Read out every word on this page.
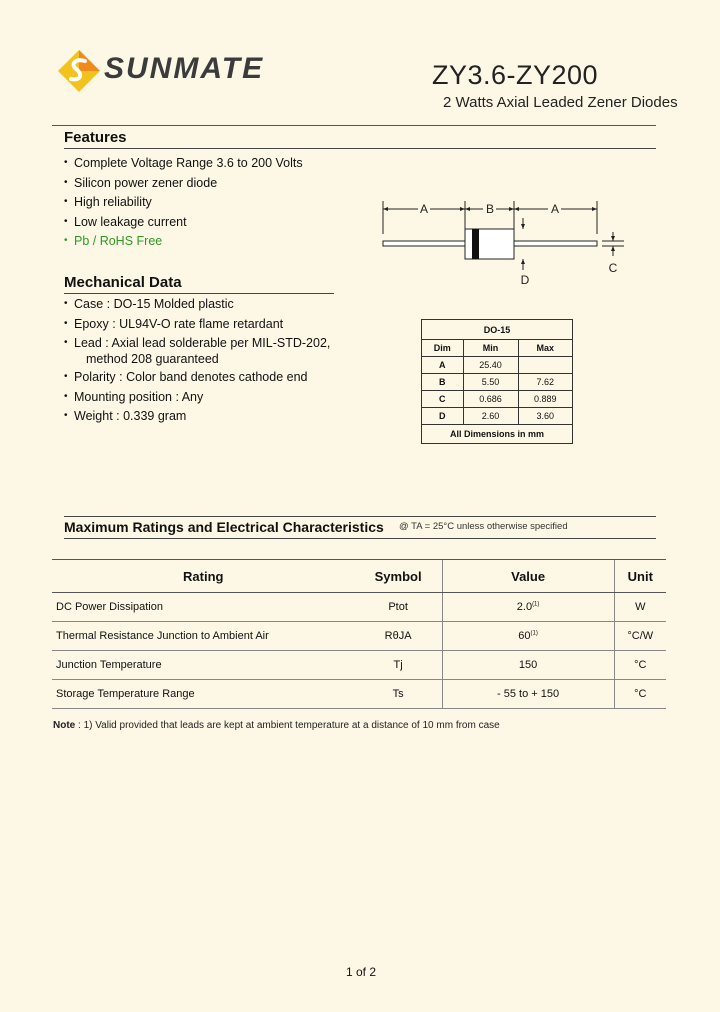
SUNMATE	ZY3.6-ZY200
2 Watts Axial Leaded Zener Diodes
Features
• Complete Voltage Range 3.6 to 200 Volts
• Silicon power zener diode
• High reliability
• Low leakage current
• Pb / RoHS Free
Mechanical Data
• Case : DO-15 Molded plastic
• Epoxy : UL94V-O rate flame retardant
• Lead : Axial lead solderable per MIL-STD-202,
method 208 guaranteed
• Polarity : Color band denotes cathode end
• Mounting position : Any
• Weight : 0.339 gram
A	B	A
C
D
DO-15		
Dim	Min	Max
A	25.40	
B	5.50	7.62
C	0.686	0.889
D	2.60	3.60
All Dimensions in mm		
Maximum Ratings and Electrical Characteristics @ TA = 25°C unless otherwise specified
Rating	Symbol	Value	Unit
DC Power Dissipation	Ptot	2.0$^{(1)}$	W
Thermal Resistance Junction to Ambient Air	RθJA	60$^{(1)}$	°C/W
Junction Temperature	Tj	150	°C
Storage Temperature Range	Ts	- 55 to + 150	°C
Note : 1) Valid provided that leads are kept at ambient temperature at a distance of 10 mm from case
1 of 2
